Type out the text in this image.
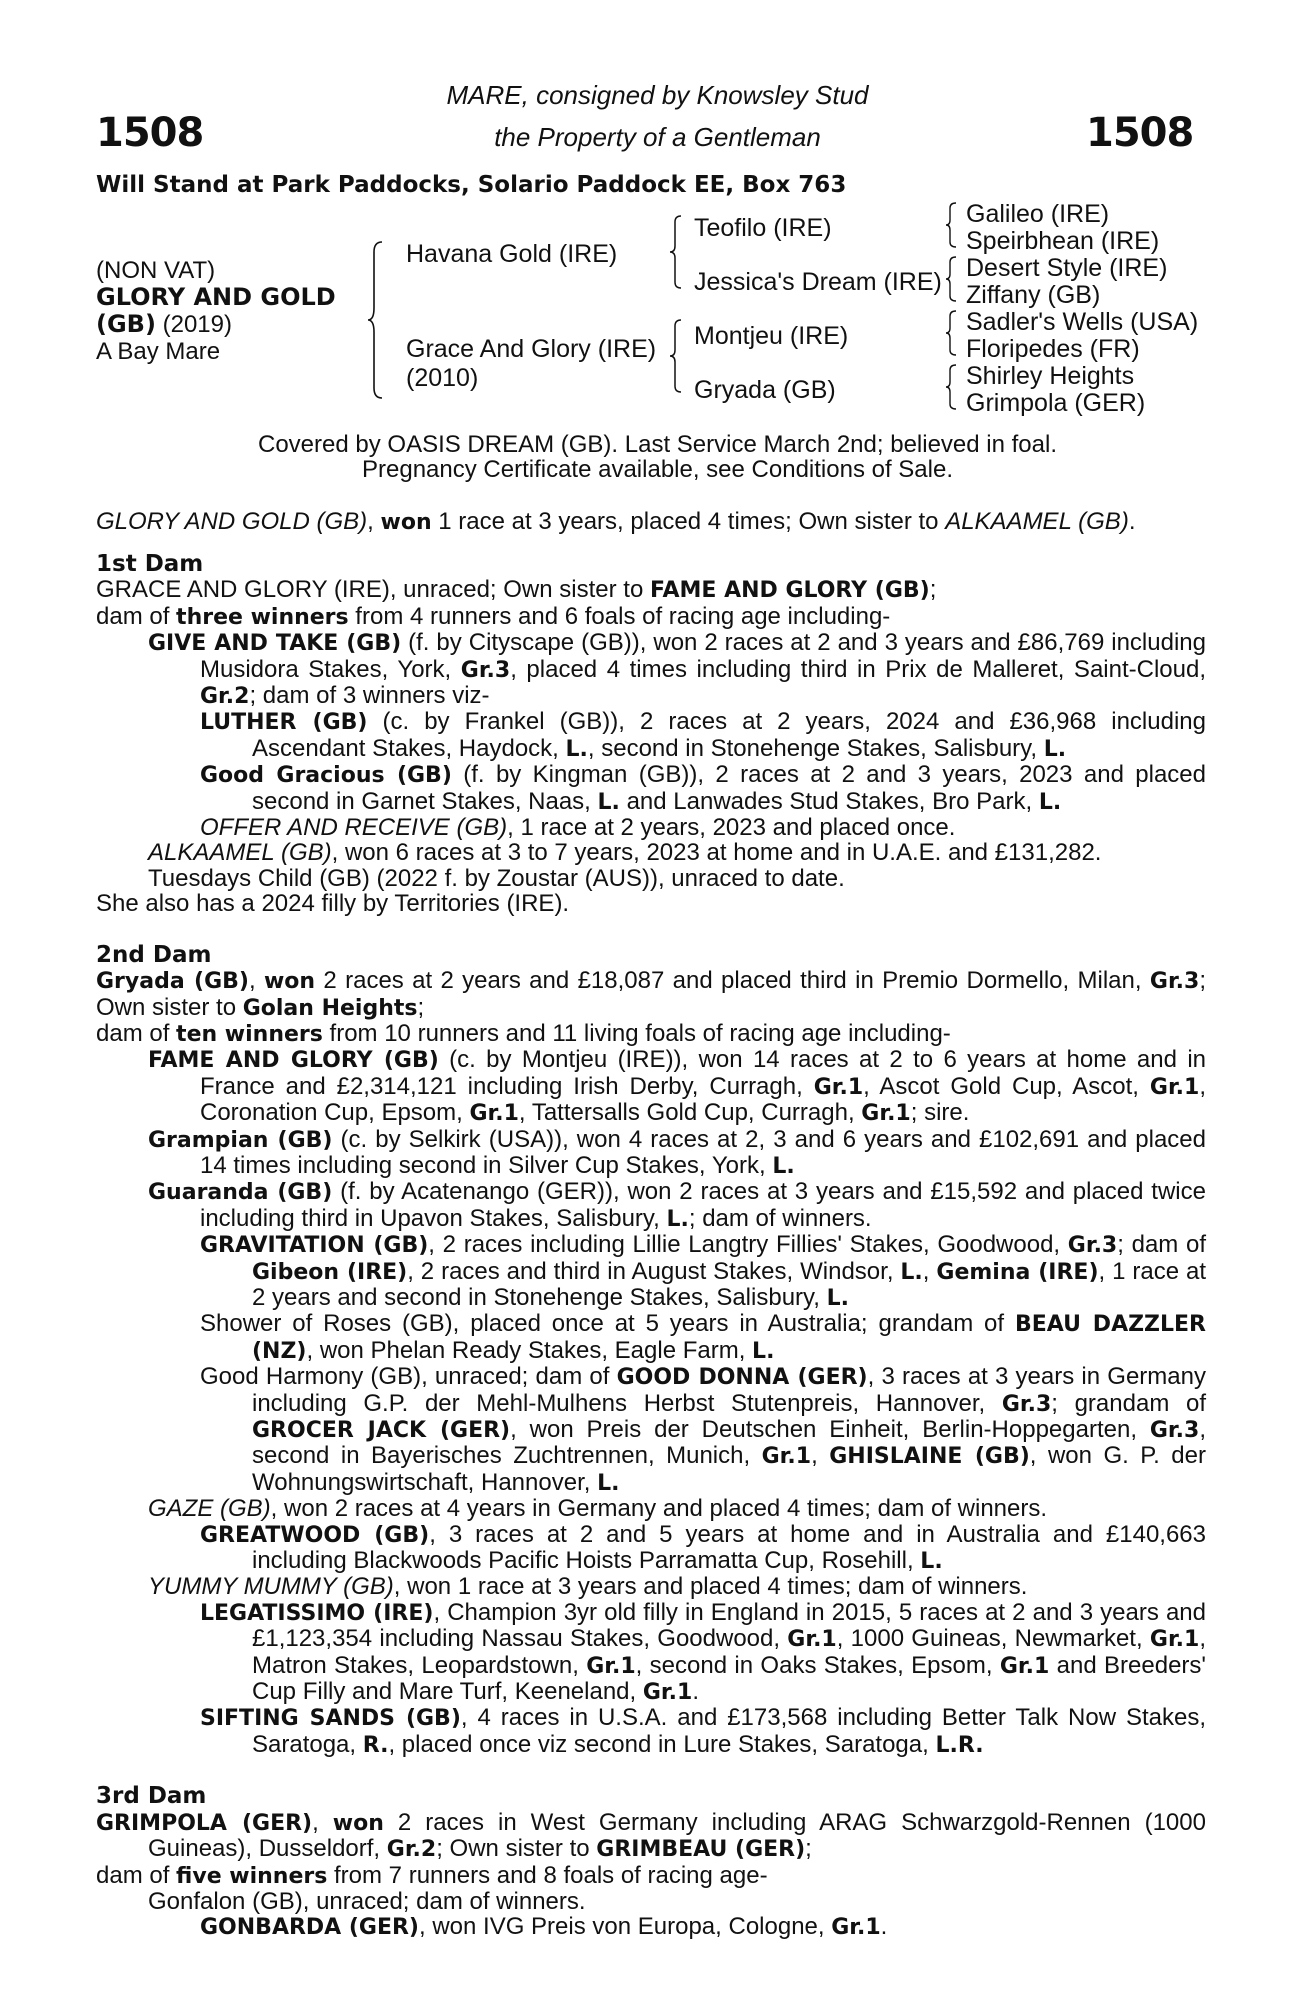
1508	1508
MARE, consigned by Knowsley Stud
the Property of a Gentleman
Will Stand at Park Paddocks, Solario Paddock EE, Box 763
(NON VAT)
GLORY AND GOLD
(GB) (2019)
A Bay Mare
Havana Gold (IRE)
Grace And Glory (IRE)
(2010)
Teofilo (IRE)
Jessica's Dream (IRE)
Montjeu (IRE)
Gryada (GB)
Galileo (IRE)
Speirbhean (IRE)
Desert Style (IRE)
Ziffany (GB)
Sadler's Wells (USA)
Floripedes (FR)
Shirley Heights
Grimpola (GER)
Covered by OASIS DREAM (GB). Last Service March 2nd; believed in foal.
Pregnancy Certificate available, see Conditions of Sale.
GLORY AND GOLD (GB), won 1 race at 3 years, placed 4 times; Own sister to ALKAAMEL (GB).
1st Dam
GRACE AND GLORY (IRE), unraced; Own sister to FAME AND GLORY (GB);
dam of three winners from 4 runners and 6 foals of racing age including-
GIVE AND TAKE (GB) (f. by Cityscape (GB)), won 2 races at 2 and 3 years and £86,769 including Musidora Stakes, York, Gr.3, placed 4 times including third in Prix de Malleret, Saint-Cloud, Gr.2; dam of 3 winners viz-
LUTHER (GB) (c. by Frankel (GB)), 2 races at 2 years, 2024 and £36,968 including Ascendant Stakes, Haydock, L., second in Stonehenge Stakes, Salisbury, L.
Good Gracious (GB) (f. by Kingman (GB)), 2 races at 2 and 3 years, 2023 and placed second in Garnet Stakes, Naas, L. and Lanwades Stud Stakes, Bro Park, L.
OFFER AND RECEIVE (GB), 1 race at 2 years, 2023 and placed once.
ALKAAMEL (GB), won 6 races at 3 to 7 years, 2023 at home and in U.A.E. and £131,282.
Tuesdays Child (GB) (2022 f. by Zoustar (AUS)), unraced to date.
She also has a 2024 filly by Territories (IRE).
2nd Dam
Gryada (GB), won 2 races at 2 years and £18,087 and placed third in Premio Dormello, Milan, Gr.3; Own sister to Golan Heights;
dam of ten winners from 10 runners and 11 living foals of racing age including-
FAME AND GLORY (GB) (c. by Montjeu (IRE)), won 14 races at 2 to 6 years at home and in France and £2,314,121 including Irish Derby, Curragh, Gr.1, Ascot Gold Cup, Ascot, Gr.1, Coronation Cup, Epsom, Gr.1, Tattersalls Gold Cup, Curragh, Gr.1; sire.
Grampian (GB) (c. by Selkirk (USA)), won 4 races at 2, 3 and 6 years and £102,691 and placed 14 times including second in Silver Cup Stakes, York, L.
Guaranda (GB) (f. by Acatenango (GER)), won 2 races at 3 years and £15,592 and placed twice including third in Upavon Stakes, Salisbury, L.; dam of winners.
GRAVITATION (GB), 2 races including Lillie Langtry Fillies' Stakes, Goodwood, Gr.3; dam of Gibeon (IRE), 2 races and third in August Stakes, Windsor, L., Gemina (IRE), 1 race at 2 years and second in Stonehenge Stakes, Salisbury, L.
Shower of Roses (GB), placed once at 5 years in Australia; grandam of BEAU DAZZLER (NZ), won Phelan Ready Stakes, Eagle Farm, L.
Good Harmony (GB), unraced; dam of GOOD DONNA (GER), 3 races at 3 years in Germany including G.P. der Mehl-Mulhens Herbst Stutenpreis, Hannover, Gr.3; grandam of GROCER JACK (GER), won Preis der Deutschen Einheit, Berlin-Hoppegarten, Gr.3, second in Bayerisches Zuchtrennen, Munich, Gr.1, GHISLAINE (GB), won G. P. der Wohnungswirtschaft, Hannover, L.
GAZE (GB), won 2 races at 4 years in Germany and placed 4 times; dam of winners.
GREATWOOD (GB), 3 races at 2 and 5 years at home and in Australia and £140,663 including Blackwoods Pacific Hoists Parramatta Cup, Rosehill, L.
YUMMY MUMMY (GB), won 1 race at 3 years and placed 4 times; dam of winners.
LEGATISSIMO (IRE), Champion 3yr old filly in England in 2015, 5 races at 2 and 3 years and £1,123,354 including Nassau Stakes, Goodwood, Gr.1, 1000 Guineas, Newmarket, Gr.1, Matron Stakes, Leopardstown, Gr.1, second in Oaks Stakes, Epsom, Gr.1 and Breeders' Cup Filly and Mare Turf, Keeneland, Gr.1.
SIFTING SANDS (GB), 4 races in U.S.A. and £173,568 including Better Talk Now Stakes, Saratoga, R., placed once viz second in Lure Stakes, Saratoga, L.R.
3rd Dam
GRIMPOLA (GER), won 2 races in West Germany including ARAG Schwarzgold-Rennen (1000 Guineas), Dusseldorf, Gr.2; Own sister to GRIMBEAU (GER);
dam of five winners from 7 runners and 8 foals of racing age-
Gonfalon (GB), unraced; dam of winners.
GONBARDA (GER), won IVG Preis von Europa, Cologne, Gr.1.
